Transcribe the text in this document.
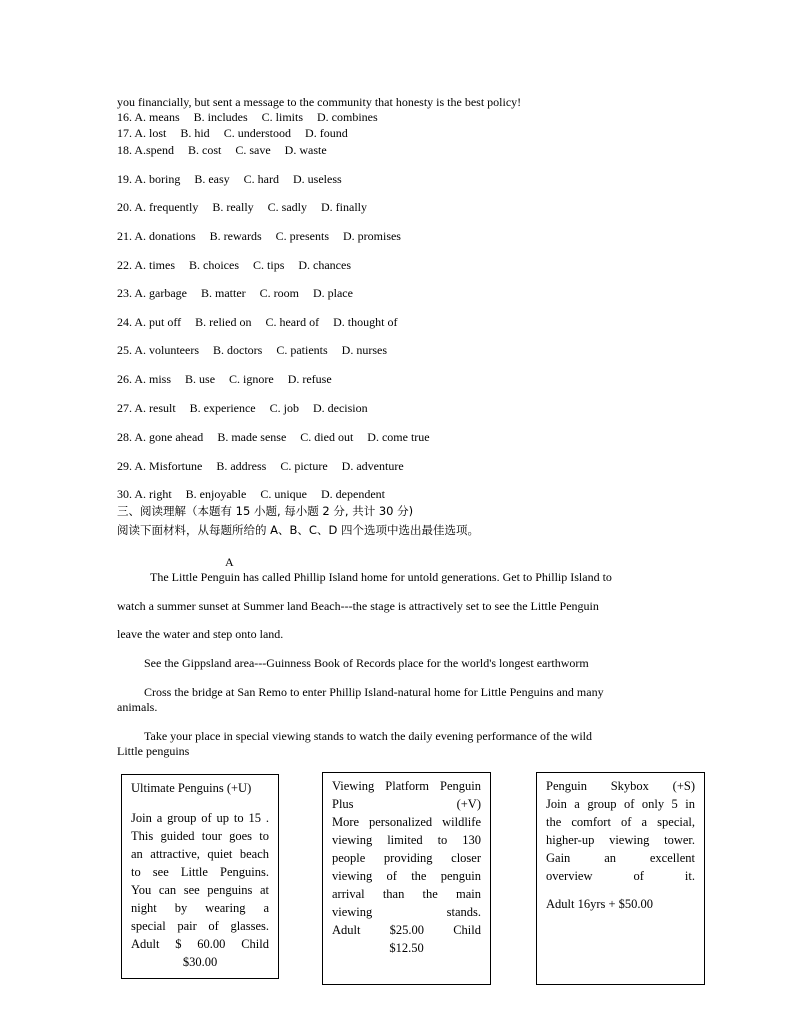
you financially, but sent a message to the community that honesty is the best policy!
16. A. means B. includes C. limits D. combines
17. A. lost B. hid C. understood D. found
18. A.spend B. cost C. save D. waste
19. A. boring B. easy C. hard D. useless
20. A. frequently B. really C. sadly D. finally
21. A. donations B. rewards C. presents D. promises
22. A. times B. choices C. tips D. chances
23. A. garbage B. matter C. room D. place
24. A. put off B. relied on C. heard of D. thought of
25. A. volunteers B. doctors C. patients D. nurses
26. A. miss B. use C. ignore D. refuse
27. A. result B. experience C. job D. decision
28. A. gone ahead B. made sense C. died out D. come true
29. A. Misfortune B. address C. picture D. adventure
30. A. right B. enjoyable C. unique D. dependent
三、阅读理解（本题有 15 小题, 每小题 2 分, 共计 30 分)
阅读下面材料，从每题所给的 A、B、C、D 四个选项中选出最佳选项。
A
The Little Penguin has called Phillip Island home for untold generations. Get to Phillip Island to
watch a summer sunset at Summer land Beach---the stage is attractively set to see the Little Penguin
leave the water and step onto land.
See the Gippsland area---Guinness Book of Records place for the world's longest earthworm
Cross the bridge at San Remo to enter Phillip Island-natural home for Little Penguins and many
animals.
Take your place in special viewing stands to watch the daily evening performance of the wild
Little penguins

Ultimate Penguins (+U)

Join a group of up to 15 .

This guided tour goes to

an attractive, quiet beach

to see Little Penguins.

You can see penguins at

night by wearing a

special pair of glasses.

Adult $ 60.00 Child

$30.00

Viewing Platform Penguin

Plus	(+V)

More personalized wildlife

viewing limited to 130

people providing closer

viewing of the penguin

arrival than the main

viewing stands.

Adult $25.00 Child

$12.50

Penguin Skybox (+S)

Join a group of only 5 in

the comfort of a special,

higher-up viewing tower.

Gain an excellent

overview of it.

Adult 16yrs + $50.00
